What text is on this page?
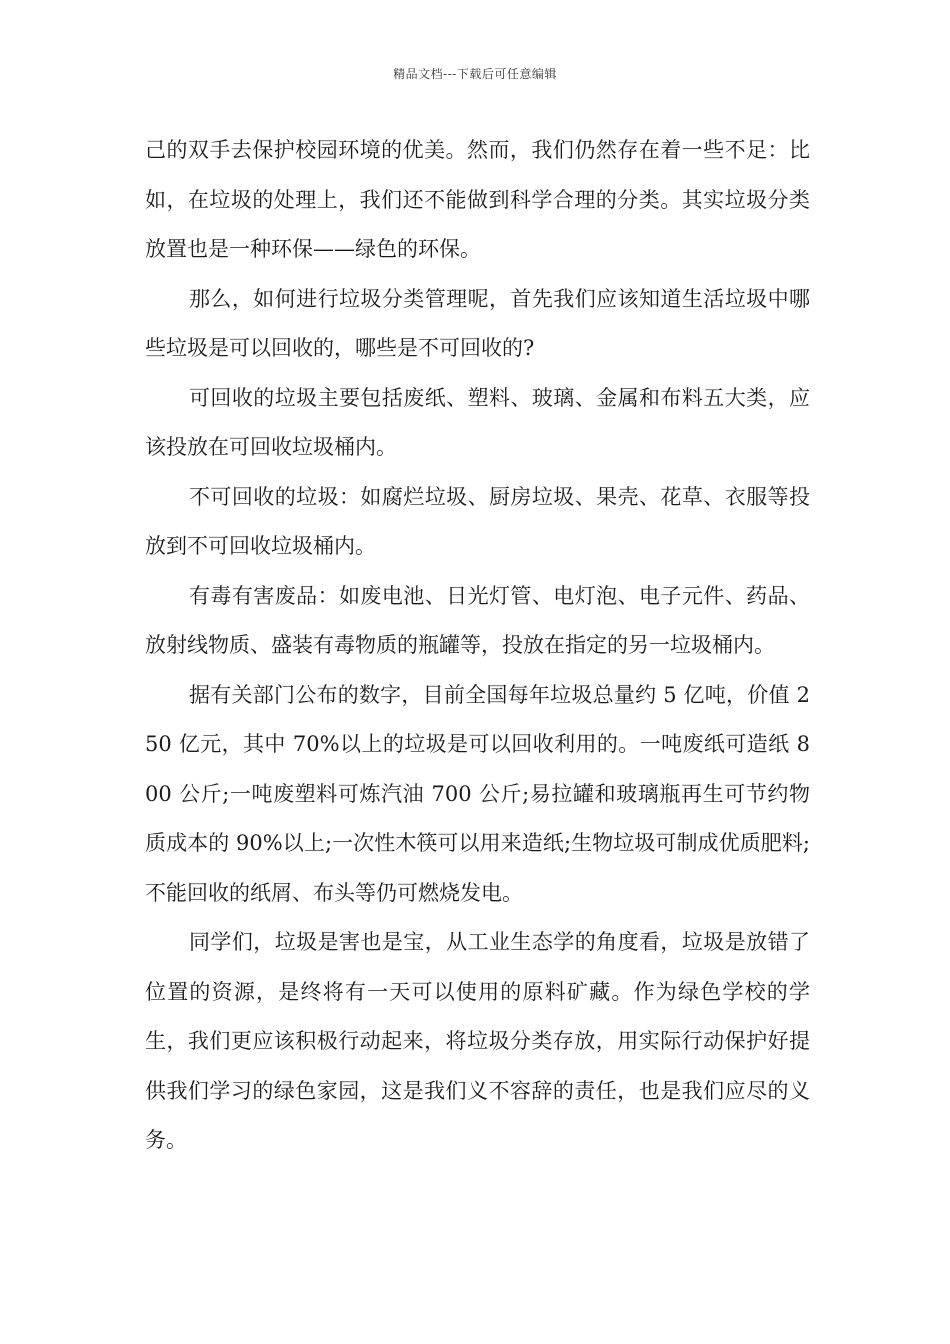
精品文档---下载后可任意编辑

己的双手去保护校园环境的优美。然而，我们仍然存在着一些不足：比如，在垃圾的处理上，我们还不能做到科学合理的分类。其实垃圾分类放置也是一种环保——绿色的环保。

那么，如何进行垃圾分类管理呢，首先我们应该知道生活垃圾中哪些垃圾是可以回收的，哪些是不可回收的?

可回收的垃圾主要包括废纸、塑料、玻璃、金属和布料五大类，应该投放在可回收垃圾桶内。

不可回收的垃圾：如腐烂垃圾、厨房垃圾、果壳、花草、衣服等投放到不可回收垃圾桶内。

有毒有害废品：如废电池、日光灯管、电灯泡、电子元件、药品、放射线物质、盛装有毒物质的瓶罐等，投放在指定的另一垃圾桶内。

据有关部门公布的数字，目前全国每年垃圾总量约 5 亿吨，价值 250 亿元，其中 70%以上的垃圾是可以回收利用的。一吨废纸可造纸 800 公斤;一吨废塑料可炼汽油 700 公斤;易拉罐和玻璃瓶再生可节约物质成本的 90%以上;一次性木筷可以用来造纸;生物垃圾可制成优质肥料;不能回收的纸屑、布头等仍可燃烧发电。

同学们，垃圾是害也是宝，从工业生态学的角度看，垃圾是放错了位置的资源，是终将有一天可以使用的原料矿藏。作为绿色学校的学生，我们更应该积极行动起来，将垃圾分类存放，用实际行动保护好提供我们学习的绿色家园，这是我们义不容辞的责任，也是我们应尽的义务。
